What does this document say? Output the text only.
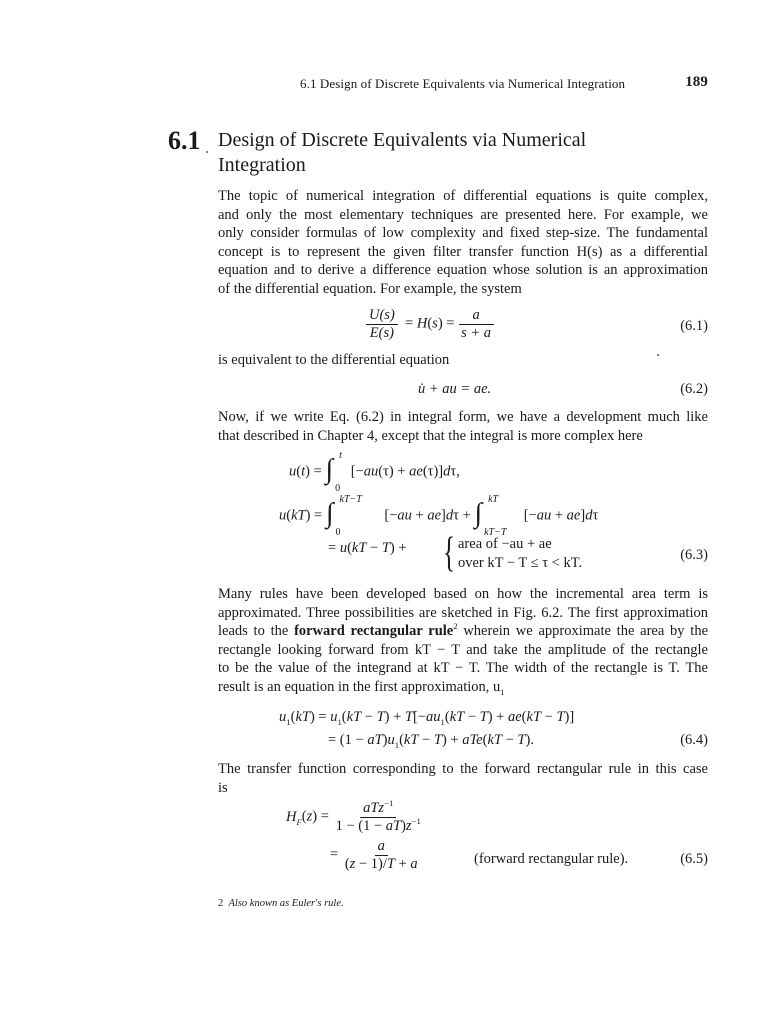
6.1 Design of Discrete Equivalents via Numerical Integration	189
6.1 Design of Discrete Equivalents via Numerical Integration
The topic of numerical integration of differential equations is quite complex,
and only the most elementary techniques are presented here. For example, we
only consider formulas of low complexity and fixed step-size. The fundamental
concept is to represent the given filter transfer function H(s) as a differential
equation and to derive a difference equation whose solution is an approximation
of the differential equation. For example, the system
$\frac{U(s)}{E(s)} = H(s) = \frac{a}{s + a}$	(6.1)
is equivalent to the differential equation
u̇ + au = ae.	(6.2)
Now, if we write Eq. (6.2) in integral form, we have a development much like
that described in Chapter 4, except that the integral is more complex here
u(t) = ∫ t
0
[−au(τ) + ae(τ)]dτ,
u(kT) = ∫ kT−T
0
[−au + ae]dτ + ∫ kT
kT−T
[−au + ae]dτ
= u(kT − T) + { area of −au + ae
over kT − T ≤ τ < kT.	(6.3)
Many rules have been developed based on how the incremental area term is
approximated. Three possibilities are sketched in Fig. 6.2. The first approximation
leads to the forward rectangular rule$^2$ wherein we approximate the area by the
rectangle looking forward from kT − T and take the amplitude of the rectangle
to be the value of the integrand at kT − T. The width of the rectangle is T. The
result is an equation in the first approximation, $u_1$
$u_1(kT) = u_1(kT - T) + T[-au_1(kT - T) + ae(kT - T)]$
= $(1 - aT)u_1(kT - T) + aTe(kT - T)$.	(6.4)
The transfer function corresponding to the forward rectangular rule in this case
is
$H_F(z) = \frac{aTz^{-1}}{1 - (1 - aT)z^{-1}}$
= $\frac{a}{(z - 1)/T + a}$	(forward rectangular rule).	(6.5)
2 Also known as Euler's rule.
